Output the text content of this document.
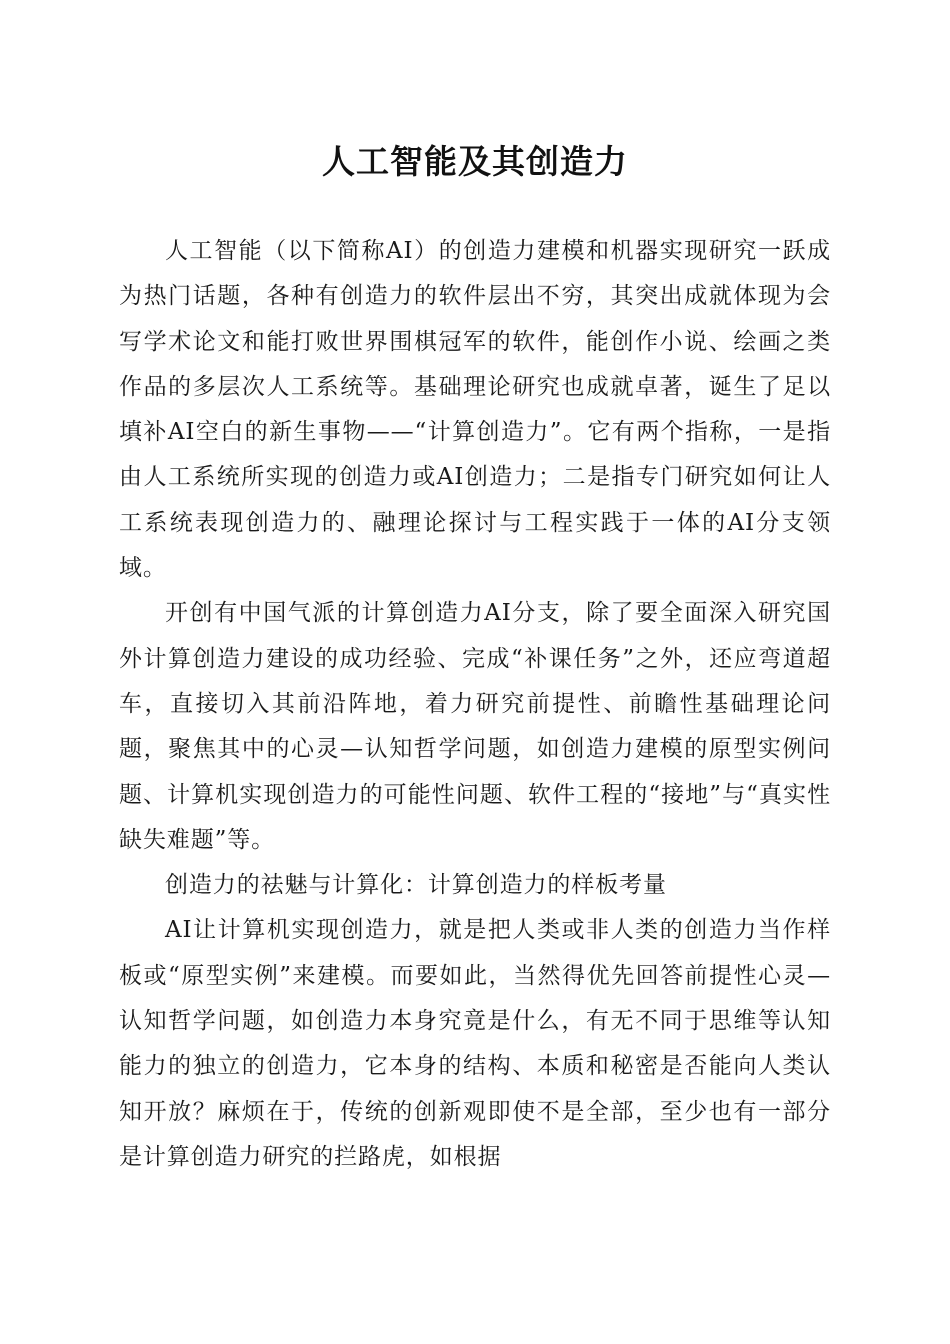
人工智能及其创造力

人工智能（以下简称AI）的创造力建模和机器实现研究一跃成为热门话题，各种有创造力的软件层出不穷，其突出成就体现为会写学术论文和能打败世界围棋冠军的软件，能创作小说、绘画之类作品的多层次人工系统等。基础理论研究也成就卓著，诞生了足以填补AI空白的新生事物——“计算创造力”。它有两个指称，一是指由人工系统所实现的创造力或AI创造力；二是指专门研究如何让人工系统表现创造力的、融理论探讨与工程实践于一体的AI分支领域。

开创有中国气派的计算创造力AI分支，除了要全面深入研究国外计算创造力建设的成功经验、完成“补课任务”之外，还应弯道超车，直接切入其前沿阵地，着力研究前提性、前瞻性基础理论问题，聚焦其中的心灵—认知哲学问题，如创造力建模的原型实例问题、计算机实现创造力的可能性问题、软件工程的“接地”与“真实性缺失难题”等。

创造力的祛魅与计算化：计算创造力的样板考量

AI让计算机实现创造力，就是把人类或非人类的创造力当作样板或“原型实例”来建模。而要如此，当然得优先回答前提性心灵—认知哲学问题，如创造力本身究竟是什么，有无不同于思维等认知能力的独立的创造力，它本身的结构、本质和秘密是否能向人类认知开放？麻烦在于，传统的创新观即使不是全部，至少也有一部分是计算创造力研究的拦路虎，如根据
